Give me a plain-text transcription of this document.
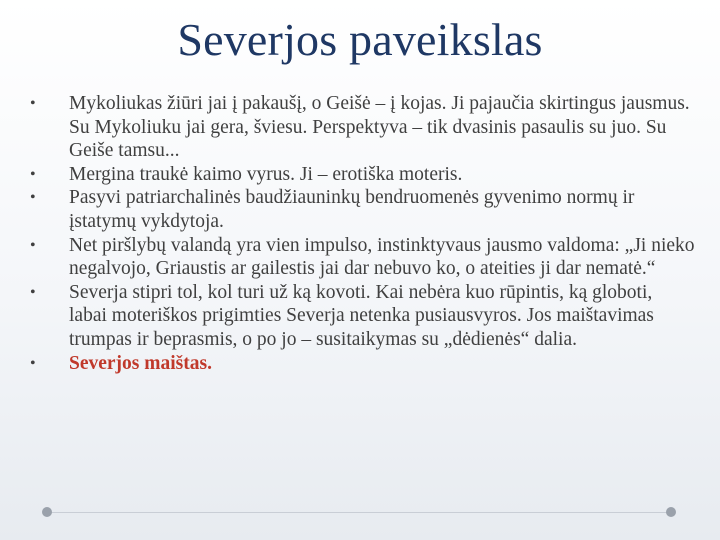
Severjos paveikslas
•	Mykoliukas žiūri jai į pakaušį, o Geišė – į kojas. Ji pajaučia skirtingus jausmus. Su Mykoliuku jai gera, šviesu. Perspektyva – tik dvasinis pasaulis su juo. Su Geiše tamsu...
•	Mergina traukė kaimo vyrus. Ji – erotiška moteris.
•	Pasyvi patriarchalinės baudžiauninkų bendruomenės gyvenimo normų ir įstatymų vykdytoja.
•	Net piršlybų valandą yra vien impulso, instinktyvaus jausmo valdoma: „Ji nieko negalvojo, Griaustis ar gailestis jai dar nebuvo ko, o ateities ji dar nematė.“
•	Severja stipri tol, kol turi už ką kovoti. Kai nebėra kuo rūpintis, ką globoti, labai moteriškos prigimties Severja netenka pusiausvyros. Jos maištavimas trumpas ir beprasmis, o po jo – susitaikymas su „dėdienės“ dalia.
•	Severjos maištas.
